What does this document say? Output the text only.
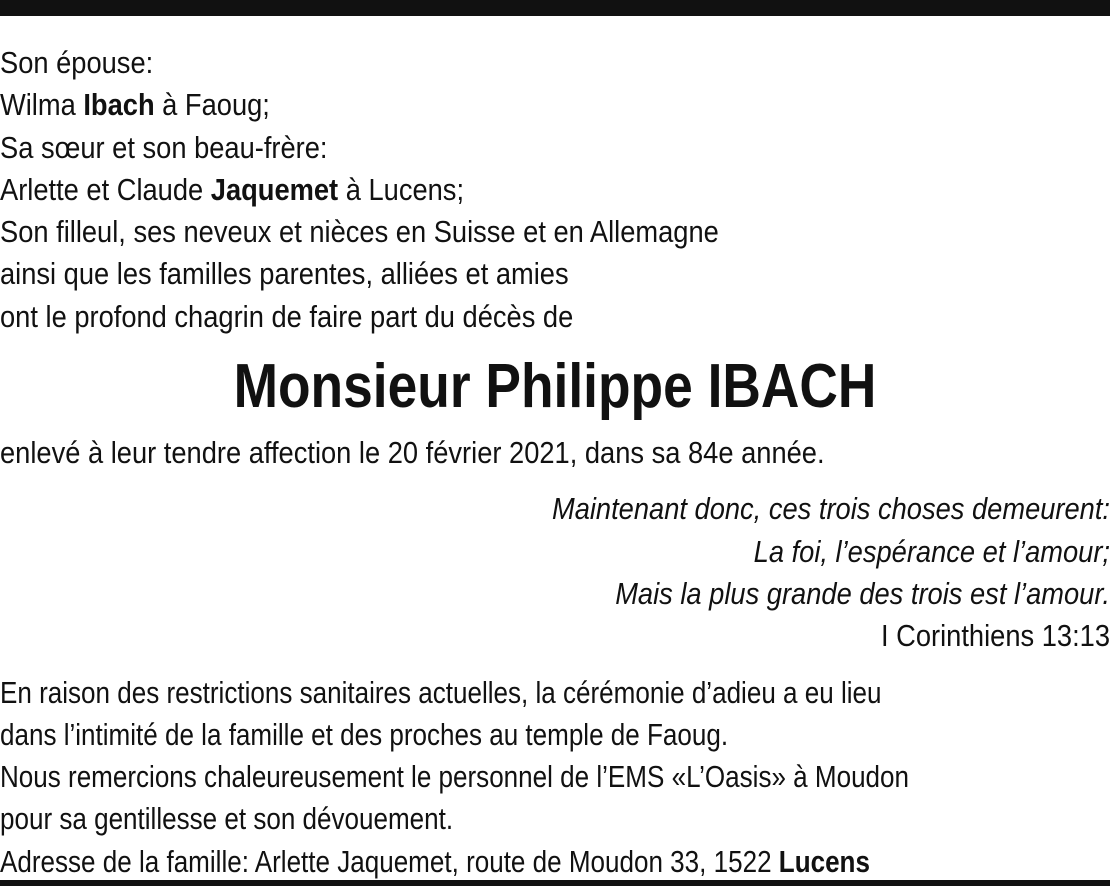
Son épouse:
Wilma Ibach à Faoug;
Sa sœur et son beau-frère:
Arlette et Claude Jaquemet à Lucens;
Son filleul, ses neveux et nièces en Suisse et en Allemagne
ainsi que les familles parentes, alliées et amies
ont le profond chagrin de faire part du décès de
Monsieur Philippe IBACH
enlevé à leur tendre affection le 20 février 2021, dans sa 84e année.
Maintenant donc, ces trois choses demeurent:
La foi, l’espérance et l’amour;
Mais la plus grande des trois est l’amour.
I Corinthiens 13:13
En raison des restrictions sanitaires actuelles, la cérémonie d’adieu a eu lieu
dans l’intimité de la famille et des proches au temple de Faoug.
Nous remercions chaleureusement le personnel de l’EMS «L’Oasis» à Moudon
pour sa gentillesse et son dévouement.
Adresse de la famille: Arlette Jaquemet, route de Moudon 33, 1522 Lucens
